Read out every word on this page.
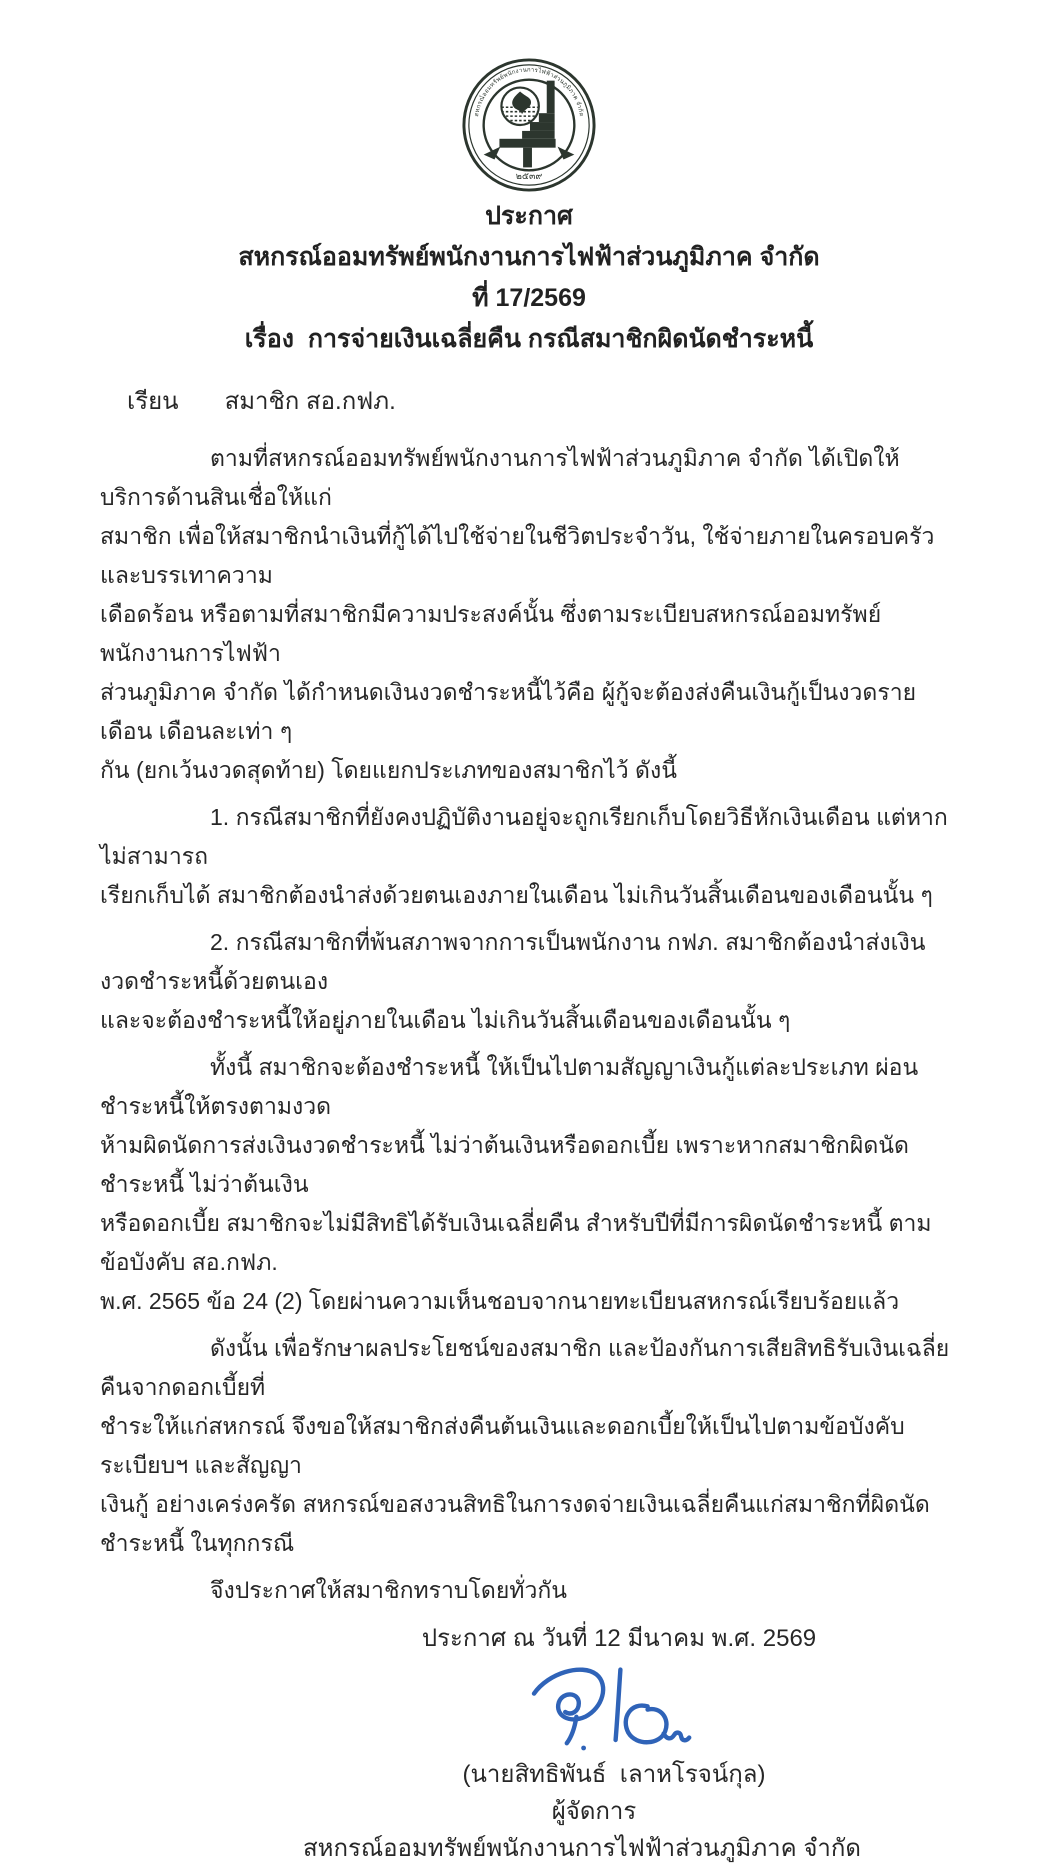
สหกรณ์ออมทรัพย์พนักงานการไฟฟ้าส่วนภูมิภาค จำกัด
๒๕๓๙
ประกาศ
สหกรณ์ออมทรัพย์พนักงานการไฟฟ้าส่วนภูมิภาค จำกัด
ที่ 17/2569
เรื่อง  การจ่ายเงินเฉลี่ยคืน กรณีสมาชิกผิดนัดชำระหนี้
เรียน สมาชิก สอ.กฟภ.
ตามที่สหกรณ์ออมทรัพย์พนักงานการไฟฟ้าส่วนภูมิภาค จำกัด ได้เปิดให้บริการด้านสินเชื่อให้แก่
สมาชิก เพื่อให้สมาชิกนำเงินที่กู้ได้ไปใช้จ่ายในชีวิตประจำวัน, ใช้จ่ายภายในครอบครัว และบรรเทาความ
เดือดร้อน หรือตามที่สมาชิกมีความประสงค์นั้น ซึ่งตามระเบียบสหกรณ์ออมทรัพย์พนักงานการไฟฟ้า
ส่วนภูมิภาค จำกัด ได้กำหนดเงินงวดชำระหนี้ไว้คือ ผู้กู้จะต้องส่งคืนเงินกู้เป็นงวดรายเดือน เดือนละเท่า ๆ
กัน (ยกเว้นงวดสุดท้าย) โดยแยกประเภทของสมาชิกไว้ ดังนี้
1. กรณีสมาชิกที่ยังคงปฏิบัติงานอยู่จะถูกเรียกเก็บโดยวิธีหักเงินเดือน แต่หากไม่สามารถ
เรียกเก็บได้ สมาชิกต้องนำส่งด้วยตนเองภายในเดือน ไม่เกินวันสิ้นเดือนของเดือนนั้น ๆ
2. กรณีสมาชิกที่พ้นสภาพจากการเป็นพนักงาน กฟภ. สมาชิกต้องนำส่งเงินงวดชำระหนี้ด้วยตนเอง
และจะต้องชำระหนี้ให้อยู่ภายในเดือน ไม่เกินวันสิ้นเดือนของเดือนนั้น ๆ
ทั้งนี้ สมาชิกจะต้องชำระหนี้ ให้เป็นไปตามสัญญาเงินกู้แต่ละประเภท ผ่อนชำระหนี้ให้ตรงตามงวด
ห้ามผิดนัดการส่งเงินงวดชำระหนี้ ไม่ว่าต้นเงินหรือดอกเบี้ย เพราะหากสมาชิกผิดนัดชำระหนี้ ไม่ว่าต้นเงิน
หรือดอกเบี้ย สมาชิกจะไม่มีสิทธิได้รับเงินเฉลี่ยคืน สำหรับปีที่มีการผิดนัดชำระหนี้ ตามข้อบังคับ สอ.กฟภ.
พ.ศ. 2565 ข้อ 24 (2) โดยผ่านความเห็นชอบจากนายทะเบียนสหกรณ์เรียบร้อยแล้ว
ดังนั้น เพื่อรักษาผลประโยชน์ของสมาชิก และป้องกันการเสียสิทธิรับเงินเฉลี่ยคืนจากดอกเบี้ยที่
ชำระให้แก่สหกรณ์ จึงขอให้สมาชิกส่งคืนต้นเงินและดอกเบี้ยให้เป็นไปตามข้อบังคับ ระเบียบฯ และสัญญา
เงินกู้ อย่างเคร่งครัด สหกรณ์ขอสงวนสิทธิในการงดจ่ายเงินเฉลี่ยคืนแก่สมาชิกที่ผิดนัดชำระหนี้ ในทุกกรณี
จึงประกาศให้สมาชิกทราบโดยทั่วกัน
ประกาศ ณ วันที่ 12 มีนาคม พ.ศ. 2569
(นายสิทธิพันธ์  เลาหโรจน์กุล)
ผู้จัดการ
สหกรณ์ออมทรัพย์พนักงานการไฟฟ้าส่วนภูมิภาค จำกัด
